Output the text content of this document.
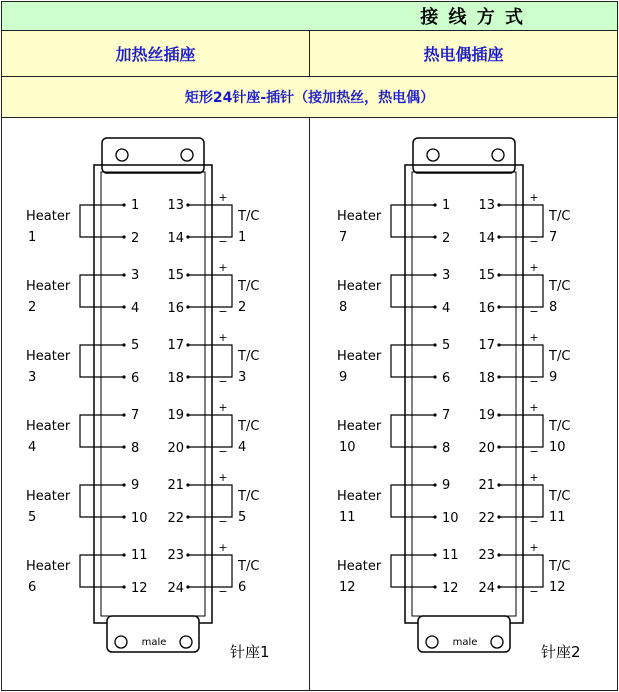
接 线 方 式
加热丝插座	热电偶插座
矩形24针座-插针（接加热丝，热电偶）
male
针座1
1
2
Heater
1
3
4
Heater
2
5
6
Heater
3
7
8
Heater
4
9
10
Heater
5
11
12
Heater
6
13
14
+
−
T/C
1
15
16
+
−
T/C
2
17
18
+
−
T/C
3
19
20
+
−
T/C
4
21
22
+
−
T/C
5
23
24
+
−
T/C
6
male
针座2
1
2
Heater
7
3
4
Heater
8
5
6
Heater
9
7
8
Heater
10
9
10
Heater
11
11
12
Heater
12
13
14
+
−
T/C
7
15
16
+
−
T/C
8
17
18
+
−
T/C
9
19
20
+
−
T/C
10
21
22
+
−
T/C
11
23
24
+
−
T/C
12
